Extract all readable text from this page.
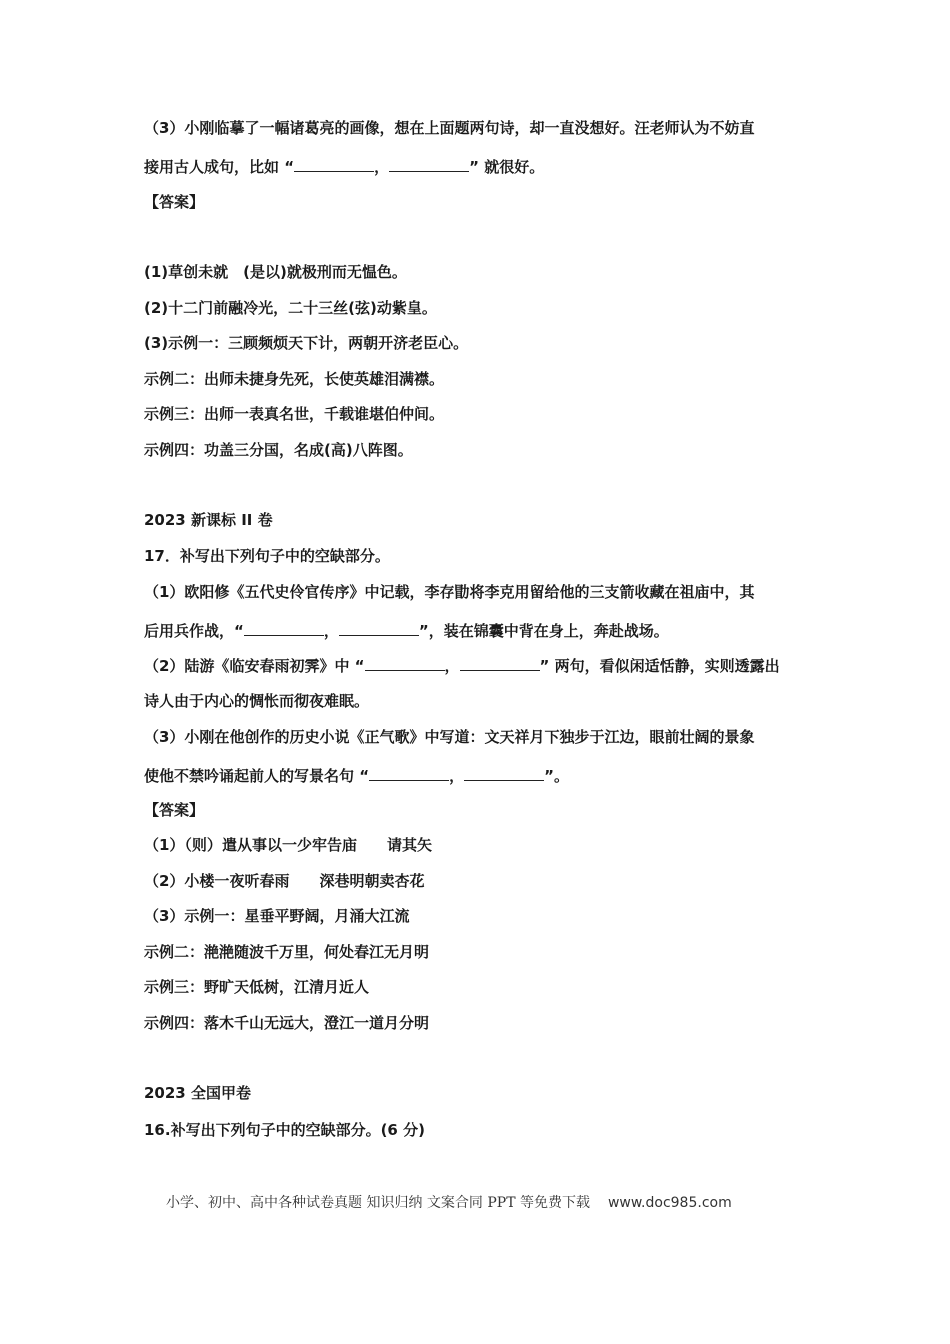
（3）小刚临摹了一幅诸葛亮的画像，想在上面题两句诗，却一直没想好。汪老师认为不妨直
接用古人成句，比如 “	，	” 就很好。
【答案】
(1)草创未就　(是以)就极刑而无愠色。
(2)十二门前融冷光，二十三丝(弦)动紫皇。
(3)示例一：三顾频烦天下计，两朝开济老臣心。
示例二：出师未捷身先死，长使英雄泪满襟。
示例三：出师一表真名世，千载谁堪伯仲间。
示例四：功盖三分国，名成(高)八阵图。
2023 新课标 II 卷
17．补写出下列句子中的空缺部分。
（1）欧阳修《五代史伶官传序》中记载，李存勖将李克用留给他的三支箭收藏在祖庙中，其
后用兵作战，“	，	”，装在锦囊中背在身上，奔赴战场。
（2）陆游《临安春雨初霁》中 “	，	” 两句，看似闲适恬静，实则透露出
诗人由于内心的惆怅而彻夜难眠。
（3）小刚在他创作的历史小说《正气歌》中写道：文天祥月下独步于江边，眼前壮阔的景象
使他不禁吟诵起前人的写景名句 “	，	”。
【答案】
（1）（则）遣从事以一少牢告庙　　请其矢
（2）小楼一夜听春雨　　深巷明朝卖杏花
（3）示例一：星垂平野阔，月涌大江流
示例二：滟滟随波千万里，何处春江无月明
示例三：野旷天低树，江清月近人
示例四：落木千山无远大，澄江一道月分明
2023 全国甲卷
16.补写出下列句子中的空缺部分。(6 分)
小学、初中、高中各种试卷真题 知识归纳 文案合同 PPT 等免费下载 www.doc985.com
